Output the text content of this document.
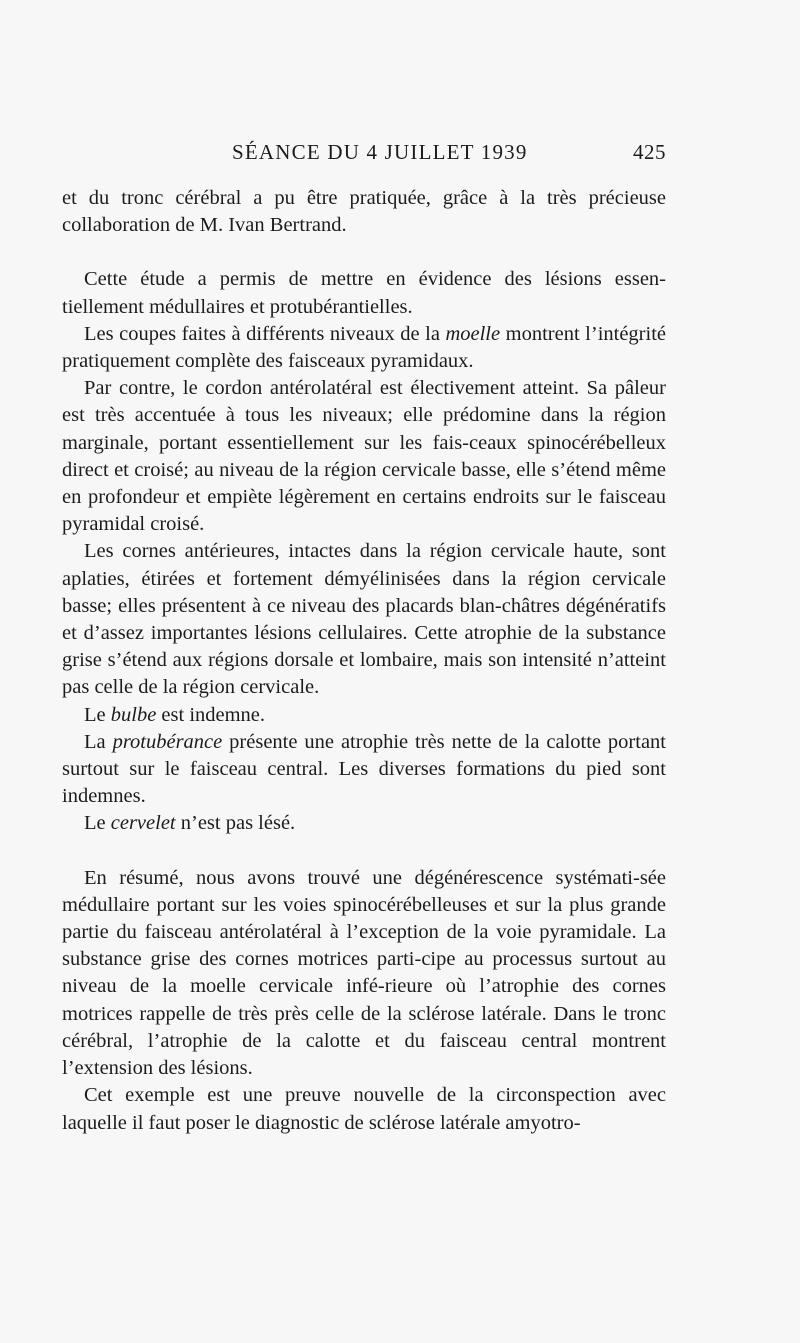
SÉANCE DU 4 JUILLET 1939	425

et du tronc cérébral a pu être pratiquée, grâce à la très précieuse collaboration de M. Ivan Bertrand.

Cette étude a permis de mettre en évidence des lésions essen-tiellement médullaires et protubérantielles.

Les coupes faites à différents niveaux de la moelle montrent l’intégrité pratiquement complète des faisceaux pyramidaux.

Par contre, le cordon antérolatéral est électivement atteint. Sa pâleur est très accentuée à tous les niveaux; elle prédomine dans la région marginale, portant essentiellement sur les fais-ceaux spinocérébelleux direct et croisé; au niveau de la région cervicale basse, elle s’étend même en profondeur et empiète légèrement en certains endroits sur le faisceau pyramidal croisé.

Les cornes antérieures, intactes dans la région cervicale haute, sont aplaties, étirées et fortement démyélinisées dans la région cervicale basse; elles présentent à ce niveau des placards blan-châtres dégénératifs et d’assez importantes lésions cellulaires. Cette atrophie de la substance grise s’étend aux régions dorsale et lombaire, mais son intensité n’atteint pas celle de la région cervicale.

Le bulbe est indemne.

La protubérance présente une atrophie très nette de la calotte portant surtout sur le faisceau central. Les diverses formations du pied sont indemnes.

Le cervelet n’est pas lésé.

En résumé, nous avons trouvé une dégénérescence systémati-sée médullaire portant sur les voies spinocérébelleuses et sur la plus grande partie du faisceau antérolatéral à l’exception de la voie pyramidale. La substance grise des cornes motrices parti-cipe au processus surtout au niveau de la moelle cervicale infé-rieure où l’atrophie des cornes motrices rappelle de très près celle de la sclérose latérale. Dans le tronc cérébral, l’atrophie de la calotte et du faisceau central montrent l’extension des lésions.

Cet exemple est une preuve nouvelle de la circonspection avec laquelle il faut poser le diagnostic de sclérose latérale amyotro-
